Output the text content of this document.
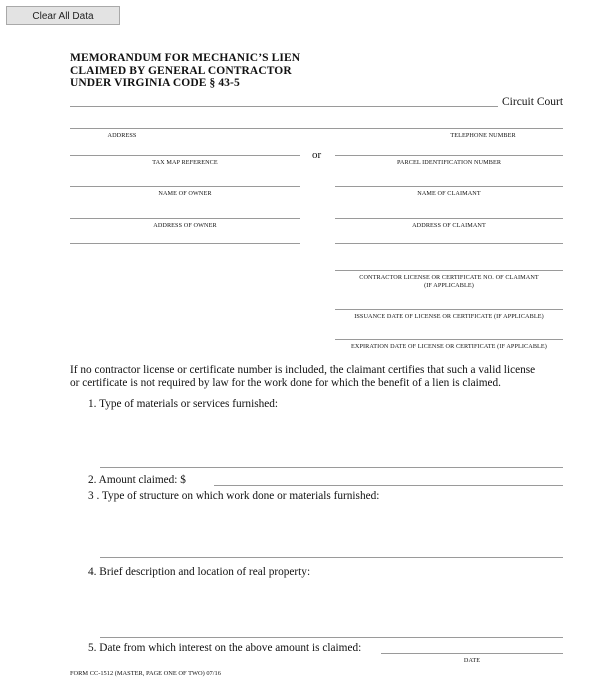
Clear All Data
MEMORANDUM FOR MECHANIC’S LIEN
CLAIMED BY GENERAL CONTRACTOR
UNDER VIRGINIA CODE § 43-5
Circuit Court
ADDRESS	TELEPHONE NUMBER
or
TAX MAP REFERENCE	PARCEL IDENTIFICATION NUMBER
NAME OF OWNER	NAME OF CLAIMANT
ADDRESS OF OWNER	ADDRESS OF CLAIMANT
CONTRACTOR LICENSE OR CERTIFICATE NO. OF CLAIMANT
(IF APPLICABLE)
ISSUANCE DATE OF LICENSE OR CERTIFICATE (IF APPLICABLE)
EXPIRATION DATE OF LICENSE OR CERTIFICATE (IF APPLICABLE)
If no contractor license or certificate number is included, the claimant certifies that such a valid license
or certificate is not required by law for the work done for which the benefit of a lien is claimed.
1. Type of materials or services furnished:
2. Amount claimed: $
3 . Type of structure on which work done or materials furnished:
4. Brief description and location of real property:
5. Date from which interest on the above amount is claimed:
DATE
FORM CC-1512 (MASTER, PAGE ONE OF TWO) 07/16
